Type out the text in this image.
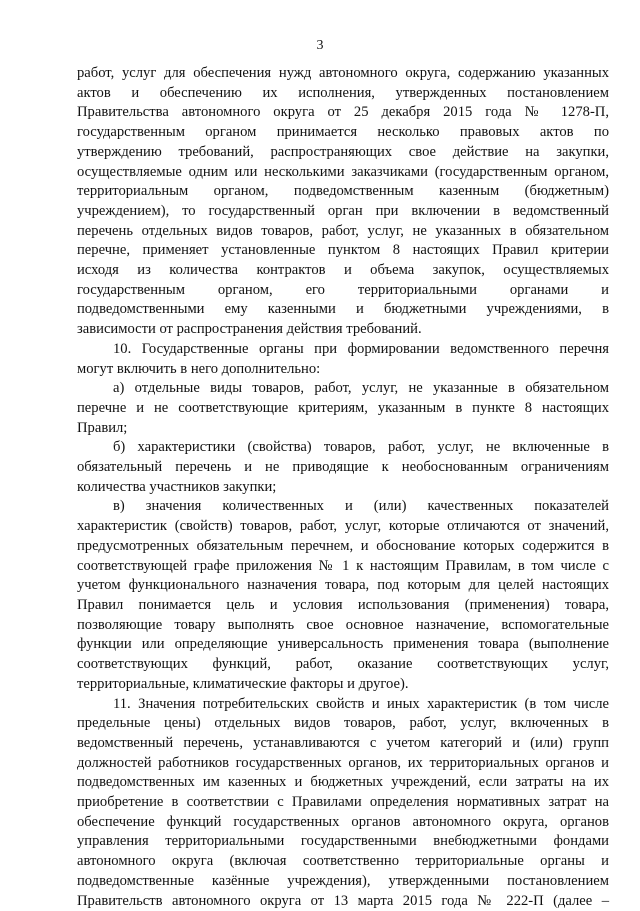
3
работ, услуг для обеспечения нужд автономного округа, содержанию указанных
актов и обеспечению их исполнения, утвержденных постановлением
Правительства автономного округа от 25 декабря 2015 года № 1278-П,
государственным органом принимается несколько правовых актов по
утверждению требований, распространяющих свое действие на закупки,
осуществляемые одним или несколькими заказчиками (государственным органом,
территориальным органом, подведомственным казенным (бюджетным)
учреждением), то государственный орган при включении в ведомственный
перечень отдельных видов товаров, работ, услуг, не указанных в обязательном
перечне, применяет установленные пунктом 8 настоящих Правил критерии
исходя из количества контрактов и объема закупок, осуществляемых
государственным органом, его территориальными органами и
подведомственными ему казенными и бюджетными учреждениями, в
зависимости от распространения действия требований.
10. Государственные органы при формировании ведомственного перечня
могут включить в него дополнительно:
а) отдельные виды товаров, работ, услуг, не указанные в обязательном
перечне и не соответствующие критериям, указанным в пункте 8 настоящих
Правил;
б) характеристики (свойства) товаров, работ, услуг, не включенные в
обязательный перечень и не приводящие к необоснованным ограничениям
количества участников закупки;
в) значения количественных и (или) качественных показателей
характеристик (свойств) товаров, работ, услуг, которые отличаются от значений,
предусмотренных обязательным перечнем, и обоснование которых содержится в
соответствующей графе приложения № 1 к настоящим Правилам, в том числе с
учетом функционального назначения товара, под которым для целей настоящих
Правил понимается цель и условия использования (применения) товара,
позволяющие товару выполнять свое основное назначение, вспомогательные
функции или определяющие универсальность применения товара (выполнение
соответствующих функций, работ, оказание соответствующих услуг,
территориальные, климатические факторы и другое).
11. Значения потребительских свойств и иных характеристик (в том числе
предельные цены) отдельных видов товаров, работ, услуг, включенных в
ведомственный перечень, устанавливаются с учетом категорий и (или) групп
должностей работников государственных органов, их территориальных органов и
подведомственных им казенных и бюджетных учреждений, если затраты на их
приобретение в соответствии с Правилами определения нормативных затрат на
обеспечение функций государственных органов автономного округа, органов
управления территориальными государственными внебюджетными фондами
автономного округа (включая соответственно территориальные органы и
подведомственные казённые учреждения), утвержденными постановлением
Правительств автономного округа от 13 марта 2015 года № 222-П (далее –
